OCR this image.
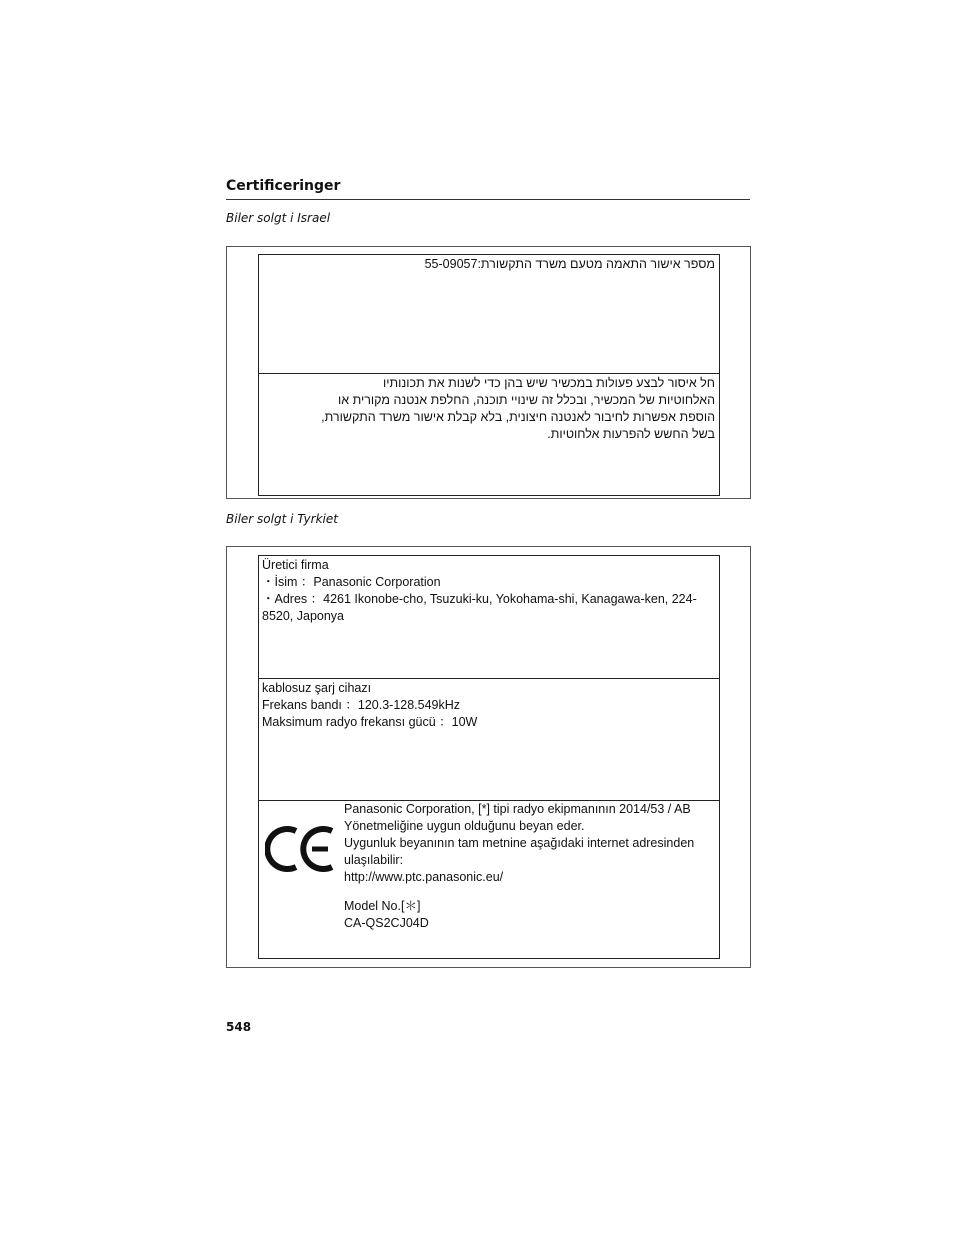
Certificeringer
Biler solgt i Israel
מספר אישור התאמה מטעם משרד התקשורת:55-09057
חל איסור לבצע פעולות במכשיר שיש בהן כדי לשנות את תכונותיו
האלחוטיות של המכשיר, ובכלל זה שינויי תוכנה, החלפת אנטנה מקורית או
הוספת אפשרות לחיבור לאנטנה חיצונית, בלא קבלת אישור משרד התקשורת,
בשל החשש להפרעות אלחוטיות.
Biler solgt i Tyrkiet
Üretici firma
・İsim ：Panasonic Corporation
・Adres ：4261 Ikonobe-cho, Tsuzuki-ku, Yokohama-shi, Kanagawa-ken, 224-8520, Japonya
kablosuz şarj cihazı
Frekans bandı ：120.3-128.549kHz
Maksimum radyo frekansı gücü ：10W
Panasonic Corporation, [*] tipi radyo ekipmanının 2014/53 / AB Yönetmeliğine uygun olduğunu beyan eder.
Uygunluk beyanının tam metnine aşağıdaki internet adresinden ulaşılabilir:
http://www.ptc.panasonic.eu/
Model No.[＊]
CA-QS2CJ04D
548
